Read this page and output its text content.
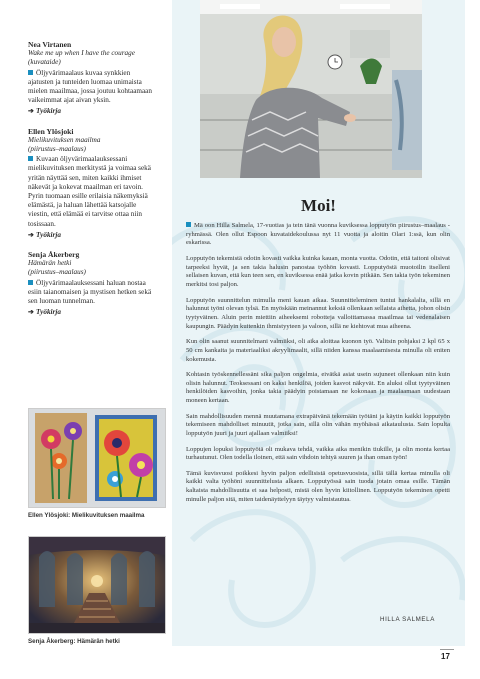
Nea Virtanen
Wake me up when I have the courage (kuvataide)
Öljyvärimaalaus kuvaa synkkien ajatusten ja tunteiden luomaa unimaista mielen maailmaa, jossa joutuu kohtaamaan vaikeimmat ajat aivan yksin.
➔ Työkirja
Ellen Ylösjoki
Mielikuvituksen maailma
(piirustus–maalaus)
Kuvaan öljyvärimaalauksessani mielikuvituksen merkitystä ja voimaa sekä yritän näyttää sen, miten kaikki ihmiset näkevät ja kokevat maailman eri tavoin. Pyrin tuomaan esille erilaisia näkemyksiä elämästä, ja haluan lähettää katsojalle viestin, että elämää ei tarvitse ottaa niin tosissaan.
➔ Työkirja
Senja Åkerberg
Hämärän hetki
(piirustus–maalaus)
Öljyvärimaalauksessani haluan nostaa esiin taianomaisen ja mystisen hetken sekä sen luoman tunnelman.
➔ Työkirja
Ellen Ylösjoki: Mielikuvituksen maailma
Senja Åkerberg: Hämärän hetki
Moi!

Mä oon Hilla Salmela, 17-vuotias ja tein tänä vuonna kuviksessa lopputyön piirustus–maalaus -ryhmässä. Olen ollut Espoon kuvataidekoulussa nyt 11 vuotta ja aloitin Olari 1:ssä, kun olin eskarissa.

Lopputyön tekemistä odotin kovasti vaikka kuinka kauan, monta vuotta. Odotin, että taitoni olisivat tarpeeksi hyvät, ja sen takia halusin panostaa työhön kovasti. Lopputyöstä muotoilin itselleni sellaisen kuvan, että kun teen sen, en kuviksessa enää jatka kovin pitkään. Sen takia työn tekeminen merkitsi tosi paljon.

Lopputyön suunnittelun mimulla meni kauan aikaa. Suunnitteleminen tuntui hankalalta, sillä en halunnut työni olevan tylsä. En myöskään meinannut keksiä ollenkaan sellaista aihetta, johon olisin tyytyväinen. Aluin perin miettiin aiheeksemi robotteja valloittamassa maailmaa tai vedenalaisen kaupungin. Päädyin kuitenkin ihmistyyteen ja valoon, sillä ne kiehtovat mua aiheena.

Kun olin saanut suunnitelmani valmiiksi, oli aika aloittaa kuonon työ. Valitsin pohjaksi 2 kpl 65 x 50 cm kankaita ja materiaaliksi akryylimaalit, sillä niiden kanssa maalaamisesta minulla oli eniten kokemusta.

Kohtasin työskennellessäni sika paljon ongelmia, eivätkä asiat usein sujuneet ollenkaan niin kuin olisin halunnut. Teoksessani on kaksi henkilöä, joiden kasvot näkyvät. En aluksi ollut tyytyväinen henkilöiden kasvoihin, jonka takia päädyin poistamaan ne kokonaan ja maalaamaan uudestaan moneen kertaan.

Sain mahdollisuuden mennä muutamana extrapäivänä tekemään työtäni ja käytin kaikki lopputyön tekemiseen mahdolliset minuutit, jotka sain, sillä olin vähän myöhässä aikataulusta. Sain lopulta lopputyön juuri ja juuri ajallaan valmiiksi!

Loppujen lopuksi lopputyötä oli mukava tehdä, vaikka aika menikin tiukille, ja olin monta kertaa turhautunut. Olen todella iloinen, että sain vihdoin tehtyä suuren ja ihan oman työn!

Tämä kuvisvuosi poikkesi hyvin paljon edellisistä opetusvuosista, sillä tällä kertaa minulla oli kaikki valta työhöni suunnittelusta alkaen. Lopputyössä sain tuoda jotain omaa esille. Tämän kaltaista mahdollisuutta ei saa helposti, mistä olen hyvin kiitollinen. Lopputyön tekeminen opetti minulle paljon sitä, miten taidenäyttelyyn täytyy valmistautua.

HILLA SALMELA
17
